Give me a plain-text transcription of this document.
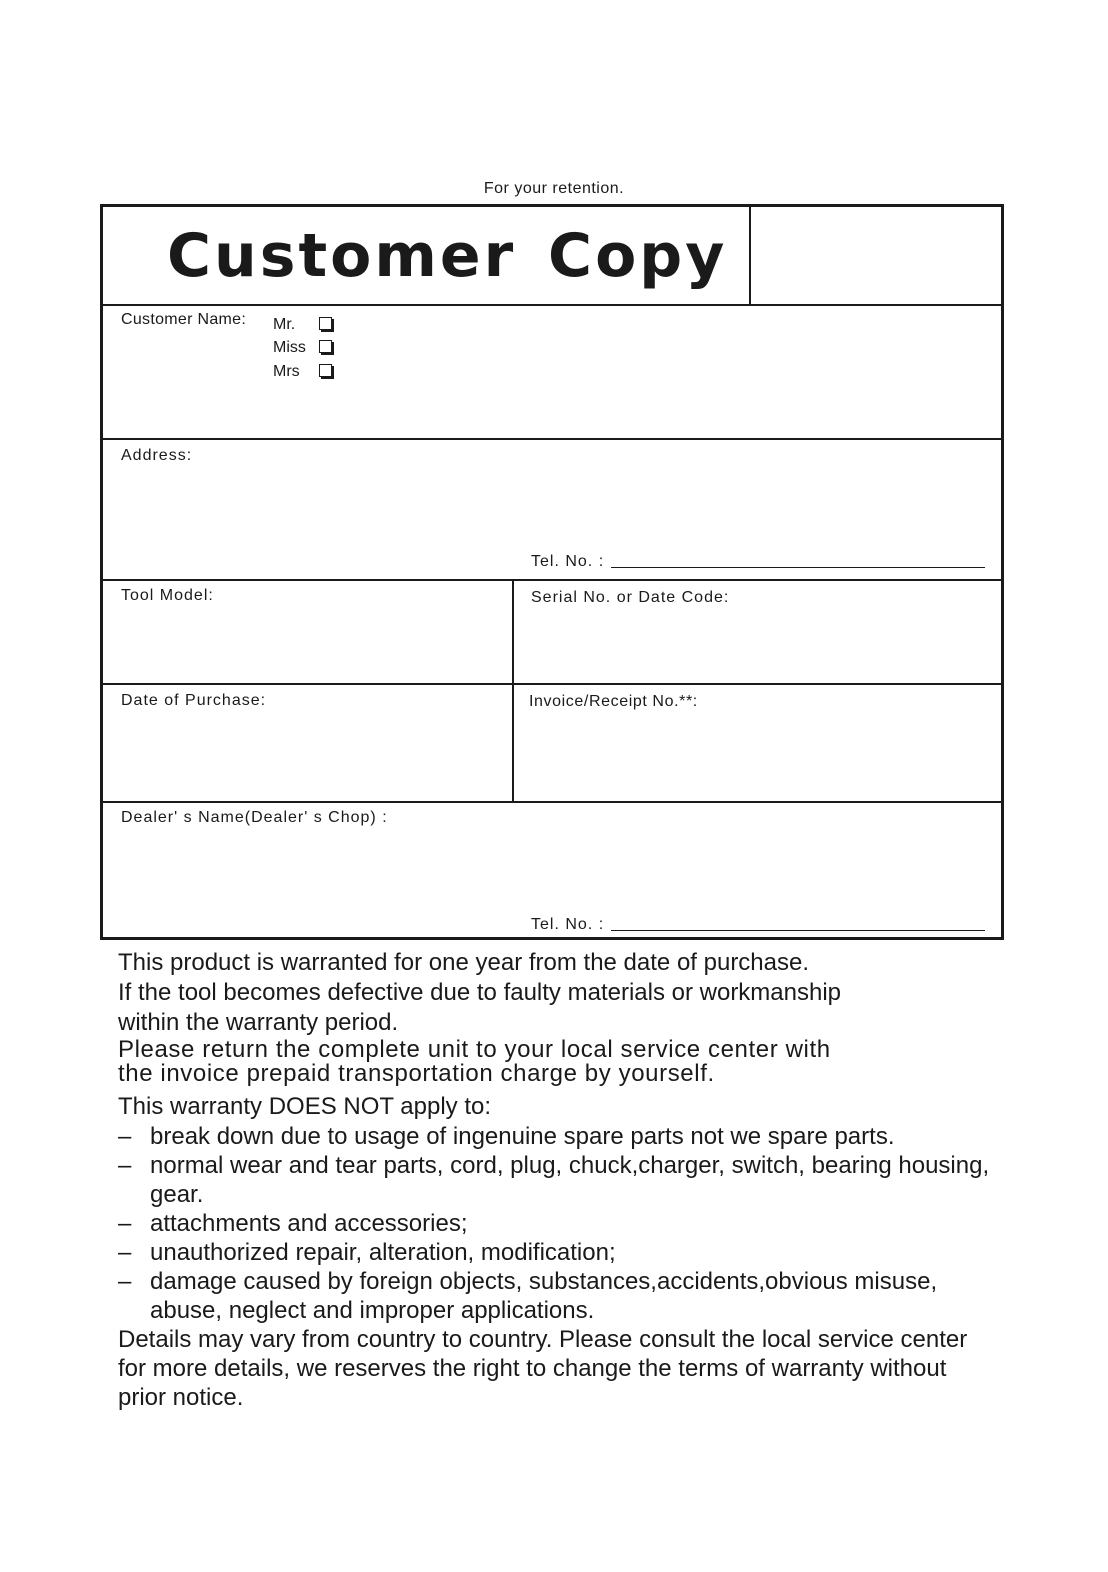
For your retention.
Customer Copy
Customer Name: Mr.
Miss
Mrs
Address:
Tel. No. :
Tool Model:	Serial No. or Date Code:
Date of Purchase:	Invoice/Receipt No.**:
Dealer' s Name(Dealer' s Chop) :
Tel. No. :

This product is warranted for one year from the date of purchase.

If the tool becomes defective due to faulty materials or workmanship

within the warranty period.

Please return the complete unit to your local service center with

the invoice prepaid transportation charge by yourself.

This warranty DOES NOT apply to:

– break down due to usage of ingenuine spare parts not we spare parts.
– normal wear and tear parts, cord, plug, chuck,charger, switch, bearing housing, gear.
– attachments and accessories;
– unauthorized repair, alteration, modification;
– damage caused by foreign objects, substances,accidents,obvious misuse, abuse, neglect and improper applications.

Details may vary from country to country. Please consult the local service center for more details, we reserves the right to change the terms of warranty without prior notice.
